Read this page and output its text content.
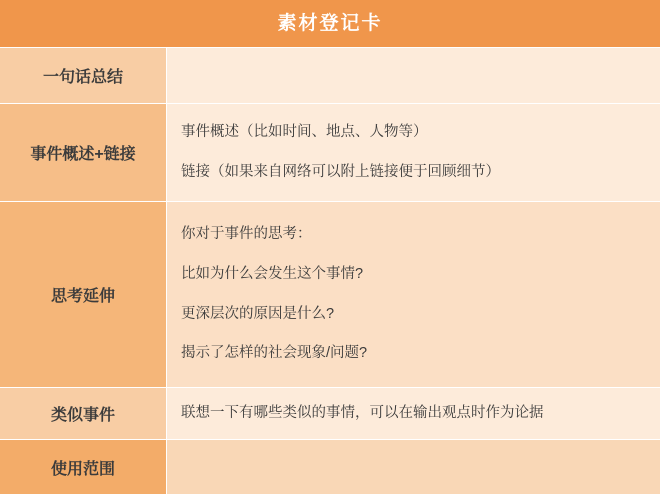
素材登记卡
一句话总结
事件概述+链接

事件概述（比如时间、地点、人物等）

链接（如果来自网络可以附上链接便于回顾细节）

思考延伸

你对于事件的思考：

比如为什么会发生这个事情?

更深层次的原因是什么?

揭示了怎样的社会现象/问题?

类似事件	联想一下有哪些类似的事情，可以在输出观点时作为论据

使用范围
